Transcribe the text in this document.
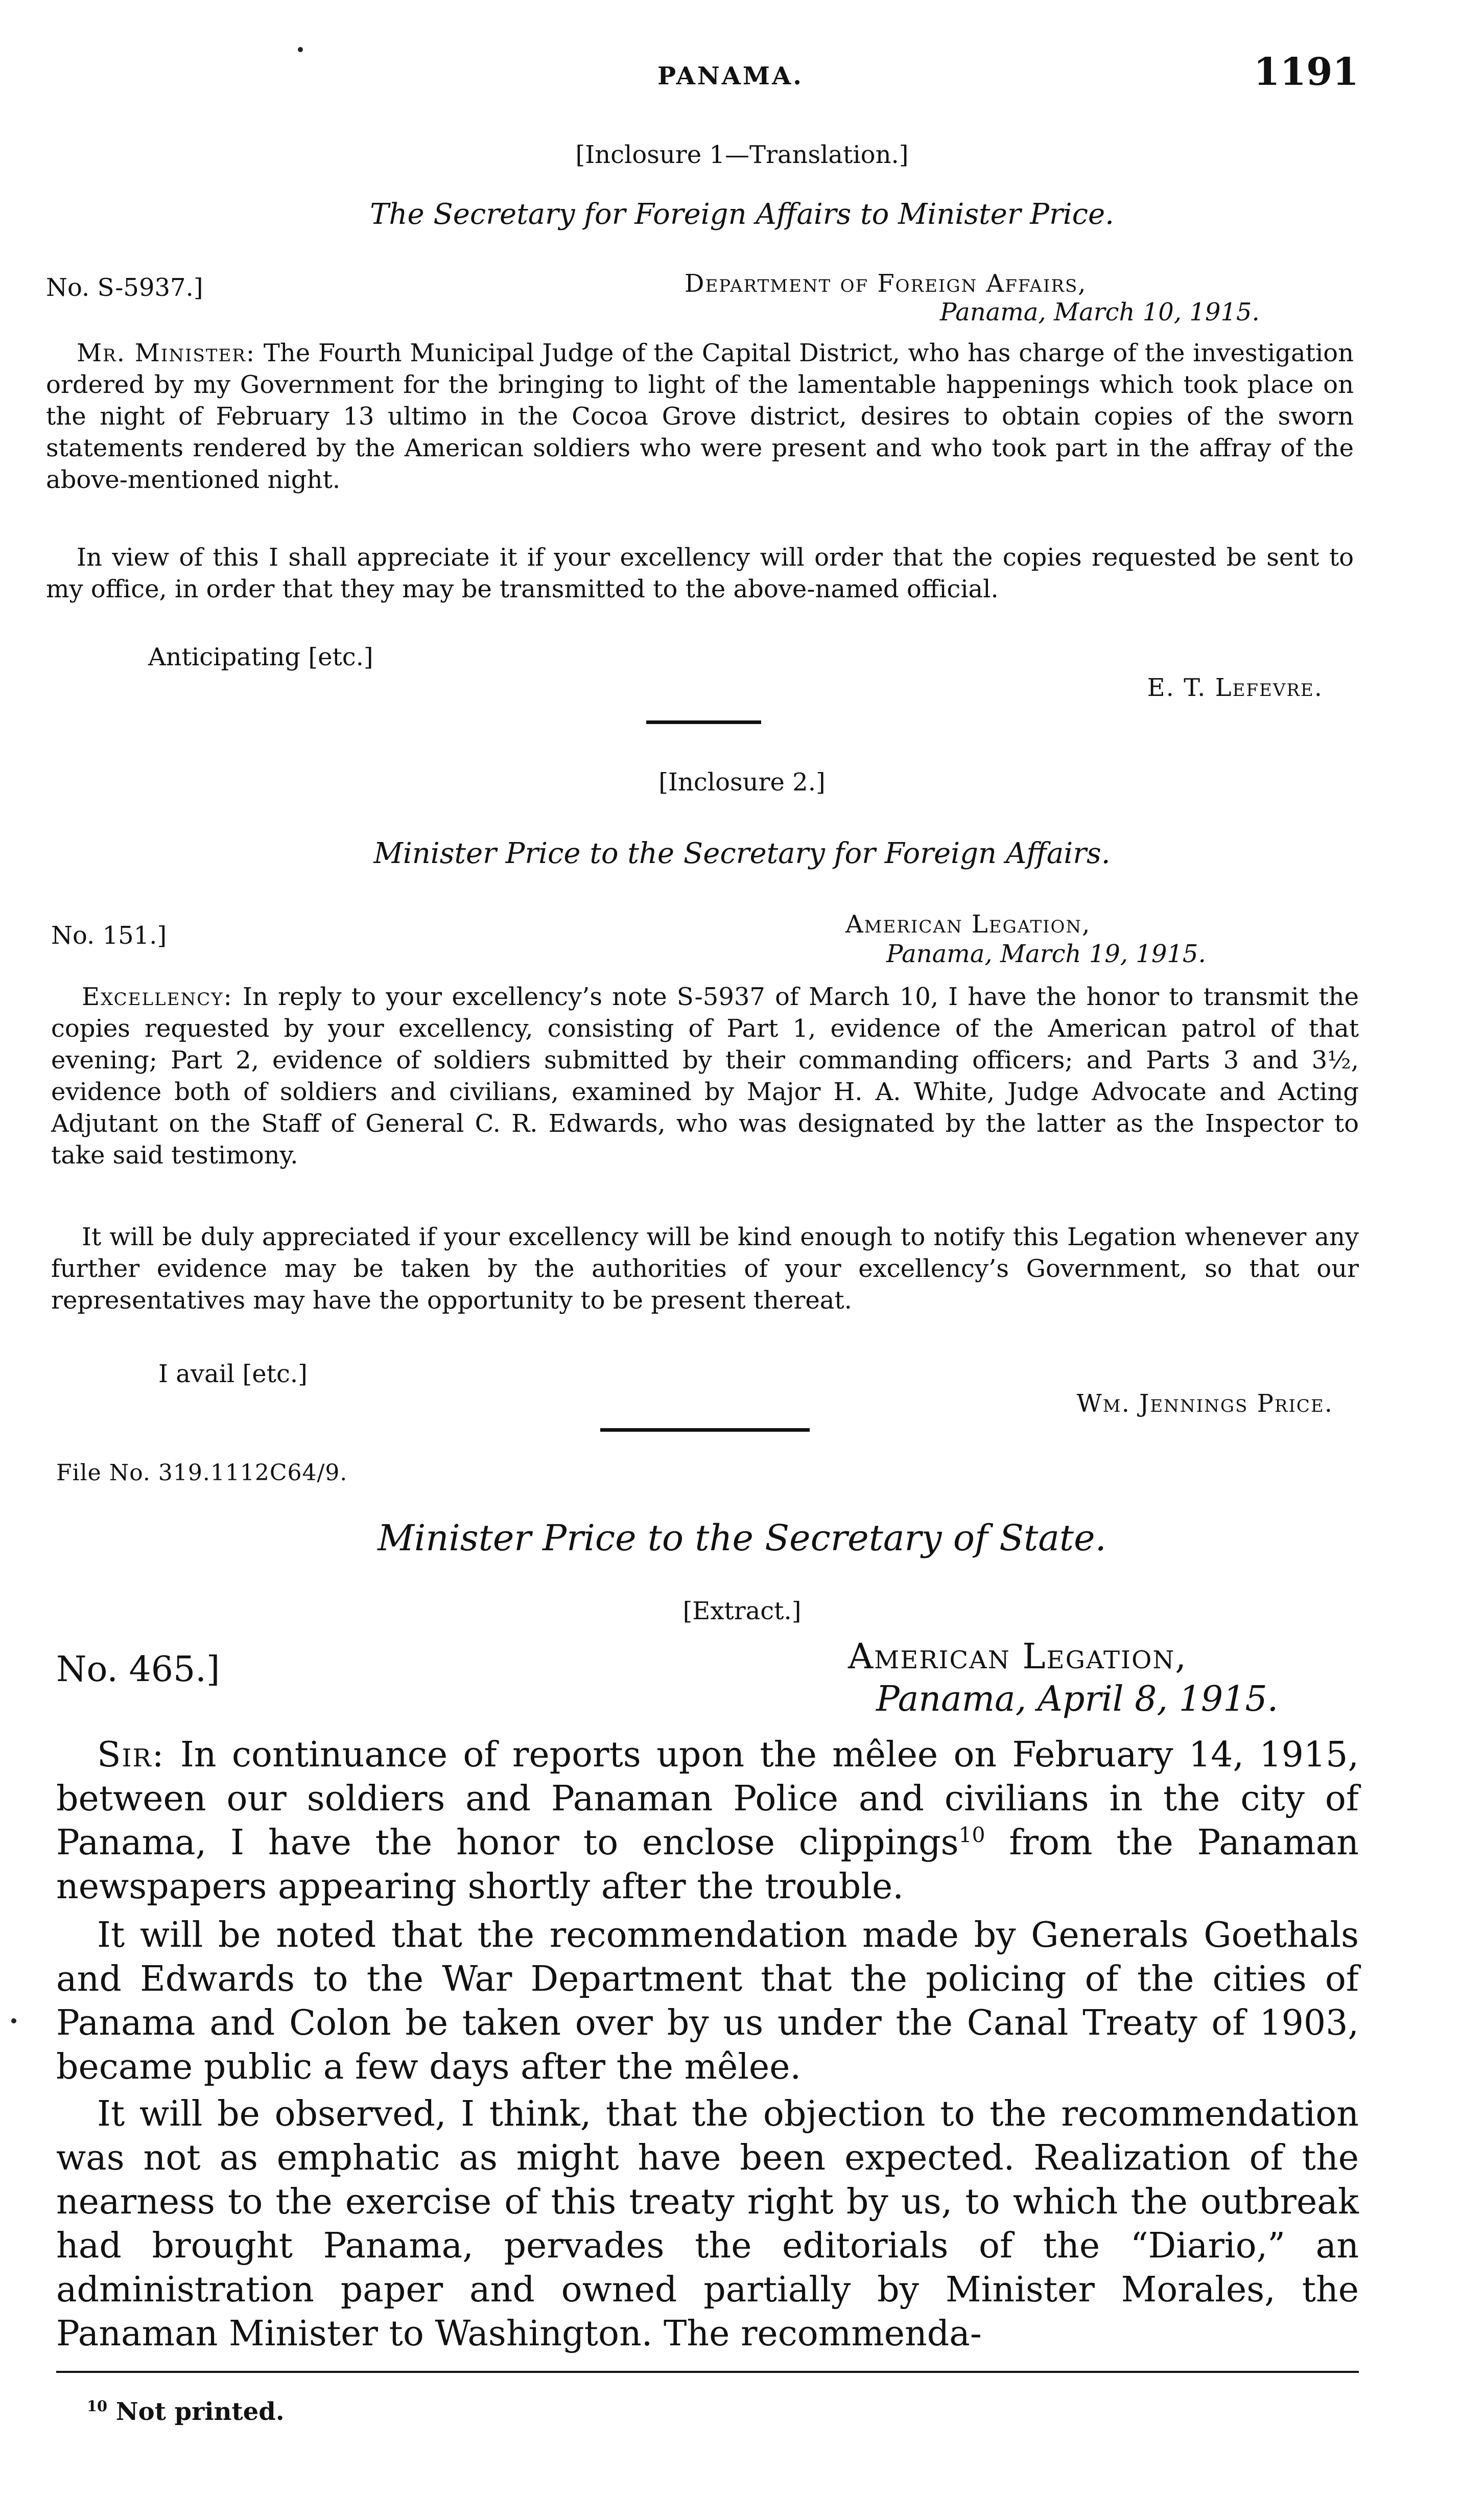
PANAMA.	1191
[Inclosure 1—Translation.]
The Secretary for Foreign Affairs to Minister Price.
No. S-5937.]	Department of Foreign Affairs,
Panama, March 10, 1915.

Mr. Minister: The Fourth Municipal Judge of the Capital District, who has charge of the investigation ordered by my Government for the bringing to light of the lamentable happenings which took place on the night of February 13 ultimo in the Cocoa Grove district, desires to obtain copies of the sworn statements rendered by the American soldiers who were present and who took part in the affray of the above-mentioned night.

In view of this I shall appreciate it if your excellency will order that the copies requested be sent to my office, in order that they may be transmitted to the above-named official.

Anticipating [etc.]
E. T. Lefevre.
[Inclosure 2.]
Minister Price to the Secretary for Foreign Affairs.
No. 151.]	American Legation,
Panama, March 19, 1915.

Excellency: In reply to your excellency’s note S-5937 of March 10, I have the honor to transmit the copies requested by your excellency, consisting of Part 1, evidence of the American patrol of that evening; Part 2, evidence of soldiers submitted by their commanding officers; and Parts 3 and 3½, evidence both of soldiers and civilians, examined by Major H. A. White, Judge Advocate and Acting Adjutant on the Staff of General C. R. Edwards, who was designated by the latter as the Inspector to take said testimony.

It will be duly appreciated if your excellency will be kind enough to notify this Legation whenever any further evidence may be taken by the authorities of your excellency’s Government, so that our representatives may have the opportunity to be present thereat.

I avail [etc.]
Wm. Jennings Price.
File No. 319.1112C64/9.
Minister Price to the Secretary of State.
[Extract.]
No. 465.]	American Legation,
Panama, April 8, 1915.

Sir: In continuance of reports upon the mêlee on February 14, 1915, between our soldiers and Panaman Police and civilians in the city of Panama, I have the honor to enclose clippings$^{10}$ from the Panaman newspapers appearing shortly after the trouble.

It will be noted that the recommendation made by Generals Goethals and Edwards to the War Department that the policing of the cities of Panama and Colon be taken over by us under the Canal Treaty of 1903, became public a few days after the mêlee.

It will be observed, I think, that the objection to the recommendation was not as emphatic as might have been expected. Realization of the nearness to the exercise of this treaty right by us, to which the outbreak had brought Panama, pervades the editorials of the “Diario,” an administration paper and owned partially by Minister Morales, the Panaman Minister to Washington. The recommenda-

$^{10}$ Not printed.
